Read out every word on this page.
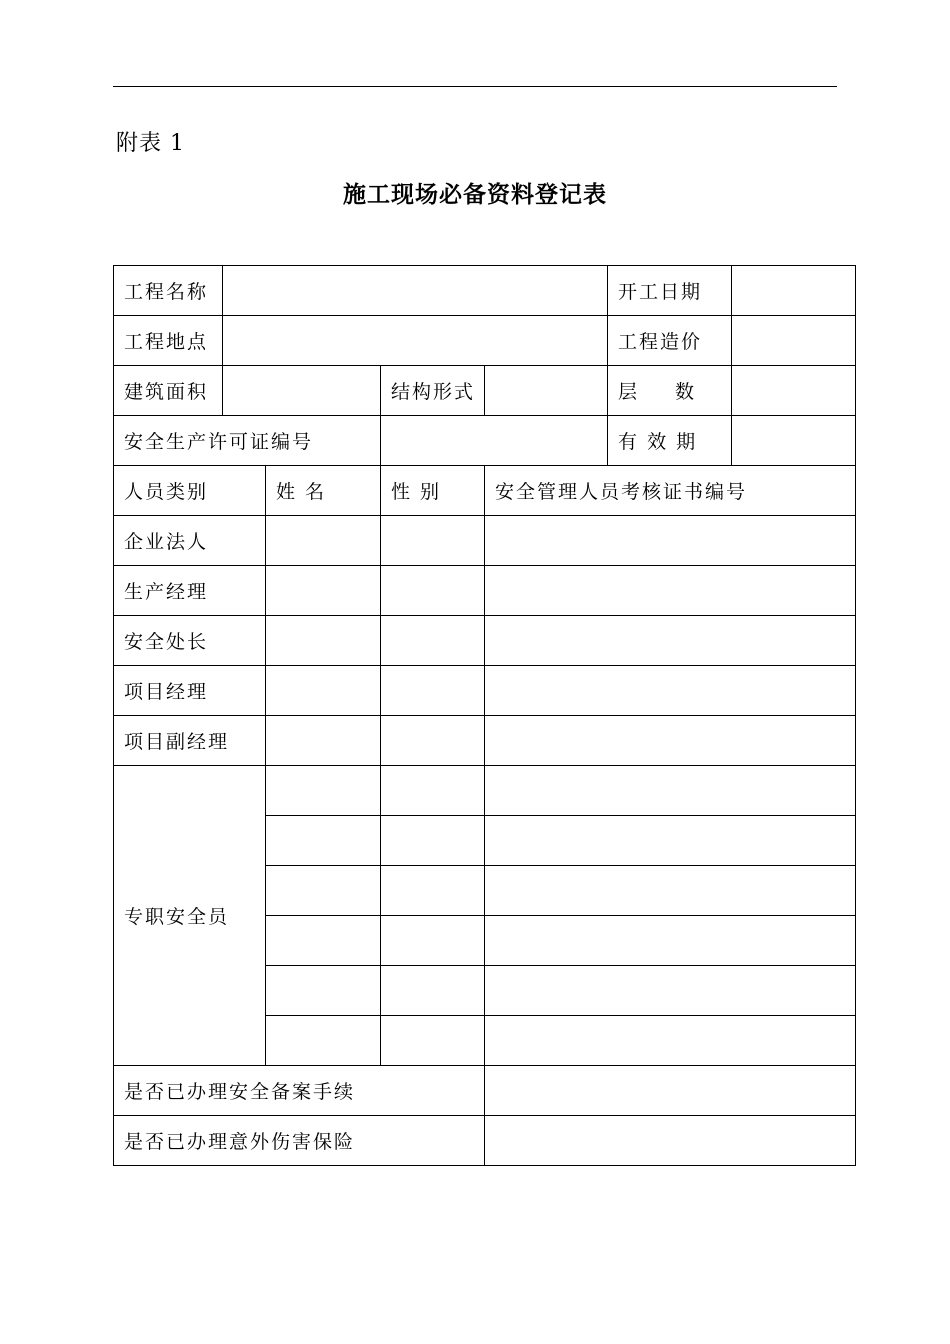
附表 1
施工现场必备资料登记表
工程名称					开工日期	
工程地点					工程造价	
建筑面积			结构形式		层　　数	
安全生产许可证编号					有 效 期	
人员类别		姓 名	性 别	安全管理人员考核证书编号		
企业法人						
生产经理						
安全处长						
项目经理						
项目副经理						
专职安全员						

是否已办理安全备案手续						
是否已办理意外伤害保险						
